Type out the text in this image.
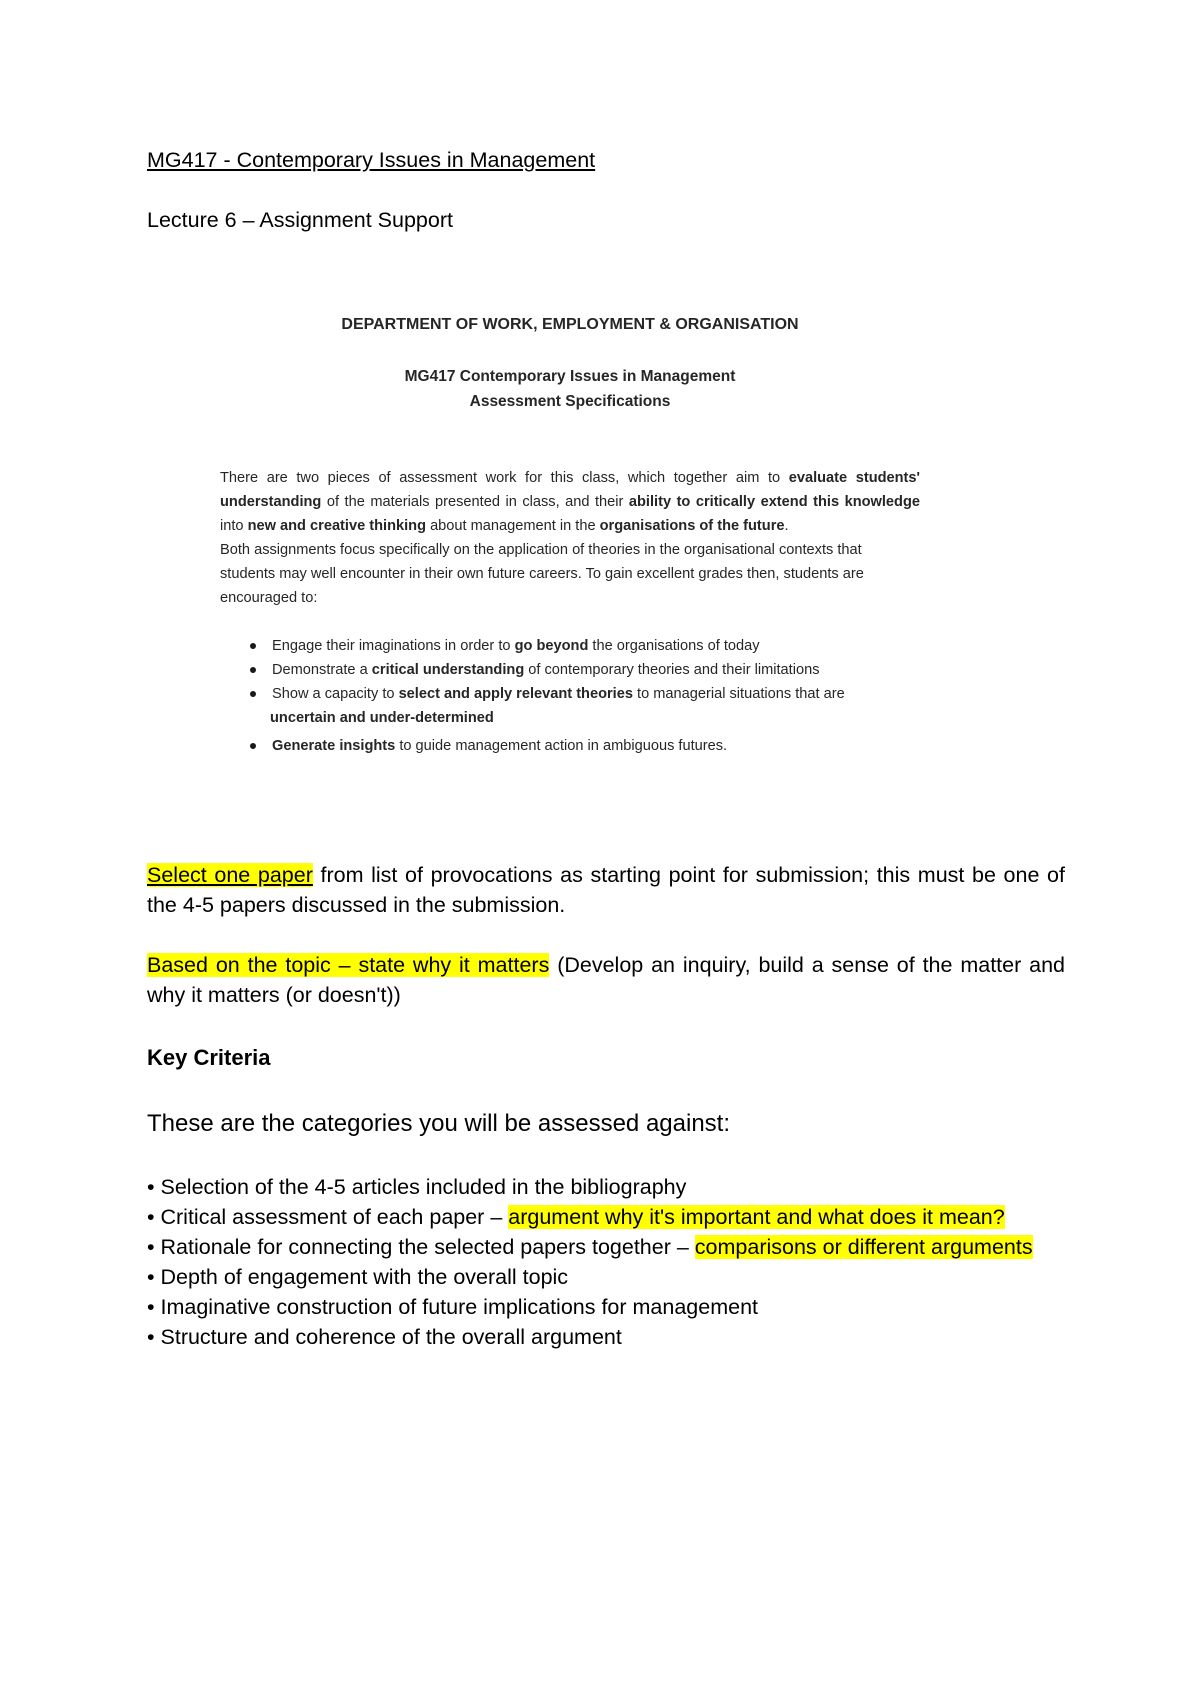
MG417 - Contemporary Issues in Management
Lecture 6 – Assignment Support
DEPARTMENT OF WORK, EMPLOYMENT & ORGANISATION
MG417 Contemporary Issues in Management
Assessment Specifications

There are two pieces of assessment work for this class, which together aim to evaluate students' understanding of the materials presented in class, and their ability to critically extend this knowledge into new and creative thinking about management in the organisations of the future.

Both assignments focus specifically on the application of theories in the organisational contexts that students may well encounter in their own future careers. To gain excellent grades then, students are encouraged to:

Engage their imaginations in order to go beyond the organisations of today
Demonstrate a critical understanding of contemporary theories and their limitations
Show a capacity to select and apply relevant theories to managerial situations that are
uncertain and under-determined
Generate insights to guide management action in ambiguous futures.

Select one paper from list of provocations as starting point for submission; this must be one of the 4-5 papers discussed in the submission.

Based on the topic – state why it matters (Develop an inquiry, build a sense of the matter and why it matters (or doesn't))

Key Criteria
These are the categories you will be assessed against:
• Selection of the 4-5 articles included in the bibliography
• Critical assessment of each paper – argument why it's important and what does it mean?
• Rationale for connecting the selected papers together – comparisons or different arguments
• Depth of engagement with the overall topic
• Imaginative construction of future implications for management
• Structure and coherence of the overall argument
